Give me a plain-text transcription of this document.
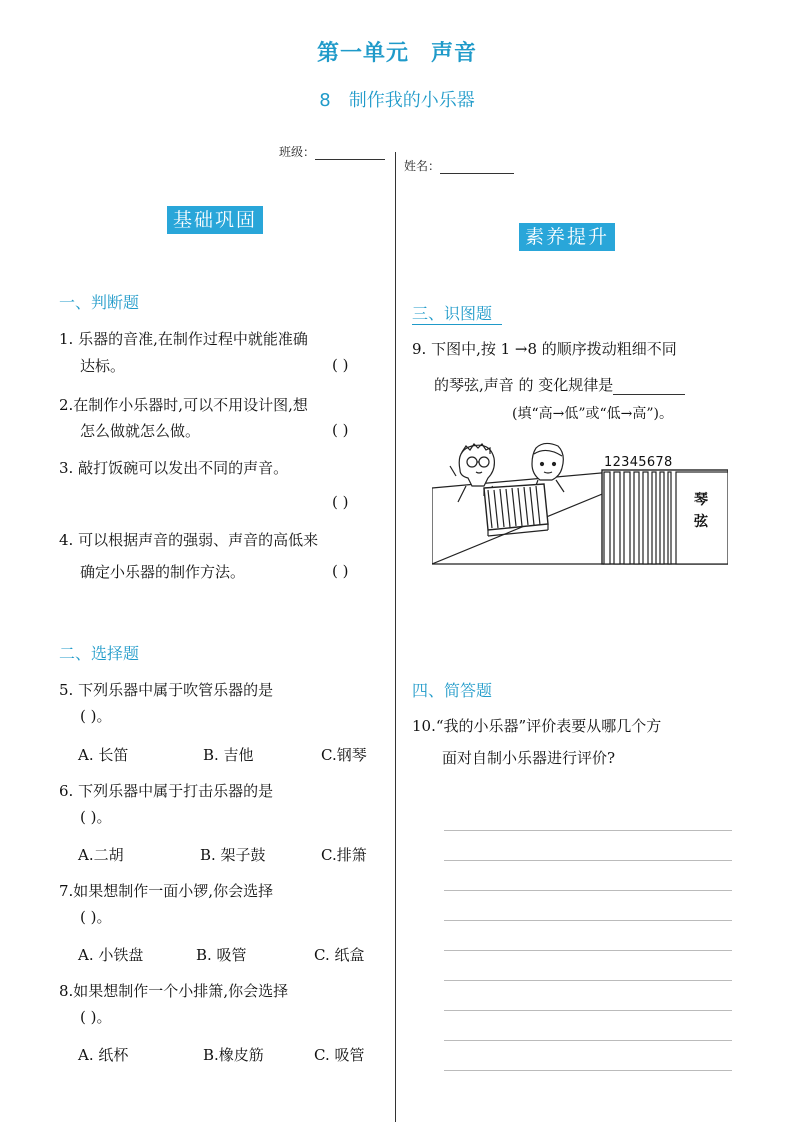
第一单元 声音
8 制作我的小乐器
班级：
姓名：
基础巩固
一、判断题
1. 乐器的音准,在制作过程中就能准确
达标。	( )
2.在制作小乐器时,可以不用设计图,想
怎么做就怎么做。	( )
3. 敲打饭碗可以发出不同的声音。
( )
4. 可以根据声音的强弱、声音的高低来
确定小乐器的制作方法。	( )
二、选择题
5. 下列乐器中属于吹管乐器的是
( )。
A. 长笛	B. 吉他	C.钢琴
6. 下列乐器中属于打击乐器的是
( )。
A.二胡	B. 架子鼓	C.排箫
7.如果想制作一面小锣,你会选择
( )。
A. 小铁盘	B. 吸管	C. 纸盒
8.如果想制作一个小排箫,你会选择
( )。
A. 纸杯	B.橡皮筋	C. 吸管
素养提升
三、识图题
9. 下图中,按 1 →8 的顺序拨动粗细不同
的琴弦,声音 的 变化规律是
(填“高→低”或“低→高”)。
12345678
琴
弦
四、简答题
10.“我的小乐器”评价表要从哪几个方
面对自制小乐器进行评价?
